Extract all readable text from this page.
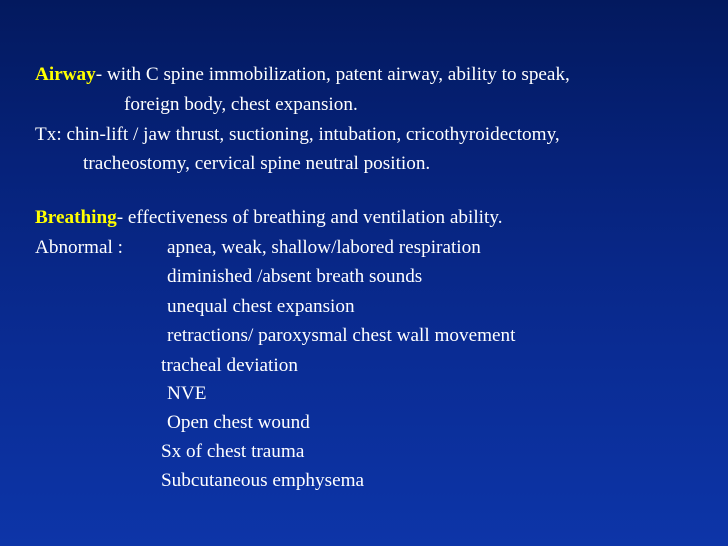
Airway- with C spine immobilization, patent airway, ability to speak,
foreign body, chest expansion.
Tx: chin-lift / jaw thrust, suctioning, intubation, cricothyroidectomy,
tracheostomy, cervical spine neutral position.
Breathing- effectiveness of breathing and ventilation ability.
Abnormal : apnea, weak, shallow/labored respiration
diminished /absent breath sounds
unequal chest expansion
retractions/ paroxysmal chest wall movement
tracheal deviation
NVE
Open chest wound
Sx of chest trauma
Subcutaneous emphysema
